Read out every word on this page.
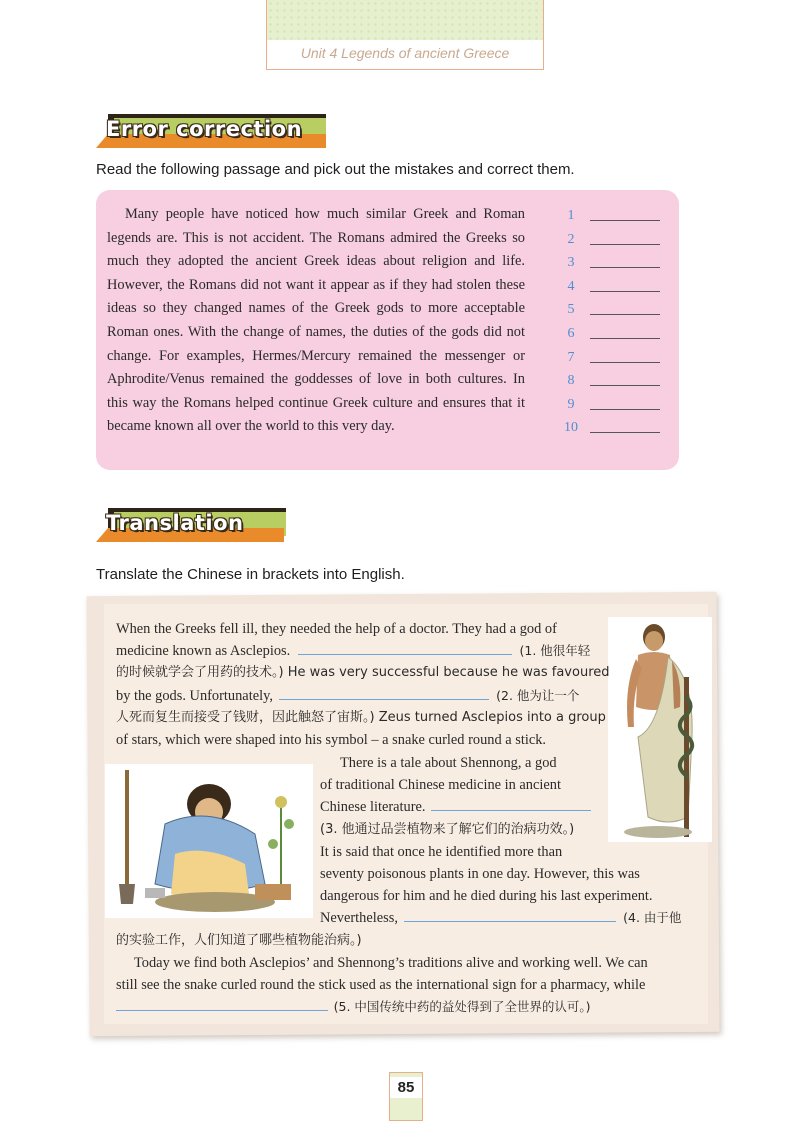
Unit 4 Legends of ancient Greece
Error correction
Read the following passage and pick out the mistakes and correct them.

Many people have noticed how much similar Greek and Roman legends are. This is not accident. The Romans admired the Greeks so much they adopted the ancient Greek ideas about religion and life. However, the Romans did not want it appear as if they had stolen these ideas so they changed names of the Greek gods to more acceptable Roman ones. With the change of names, the duties of the gods did not change. For examples, Hermes/Mercury remained the messenger or Aphrodite/Venus remained the goddesses of love in both cultures. In this way the Romans helped continue Greek culture and ensures that it became known all over the world to this very day.

1
2
3
4
5
6
7
8
9
10
Translation
Translate the Chinese in brackets into English.
When the Greeks fell ill, they needed the help of a doctor. They had a god of
medicine known as Asclepios.	(1. 他很年轻
的时候就学会了用药的技术。) He was very successful because he was favoured
by the gods. Unfortunately,	(2. 他为让一个
人死而复生而接受了钱财，因此触怒了宙斯。) Zeus turned Asclepios into a group
of stars, which were shaped into his symbol – a snake curled round a stick.
There is a tale about Shennong, a god
of traditional Chinese medicine in ancient
Chinese literature.
(3. 他通过品尝植物来了解它们的治病功效。)
It is said that once he identified more than
seventy poisonous plants in one day. However, this was
dangerous for him and he died during his last experiment.
Nevertheless,	(4. 由于他
的实验工作，人们知道了哪些植物能治病。)
Today we find both Asclepios’ and Shennong’s traditions alive and working well. We can
still see the snake curled round the stick used as the international sign for a pharmacy, while
(5. 中国传统中药的益处得到了全世界的认可。)
85
